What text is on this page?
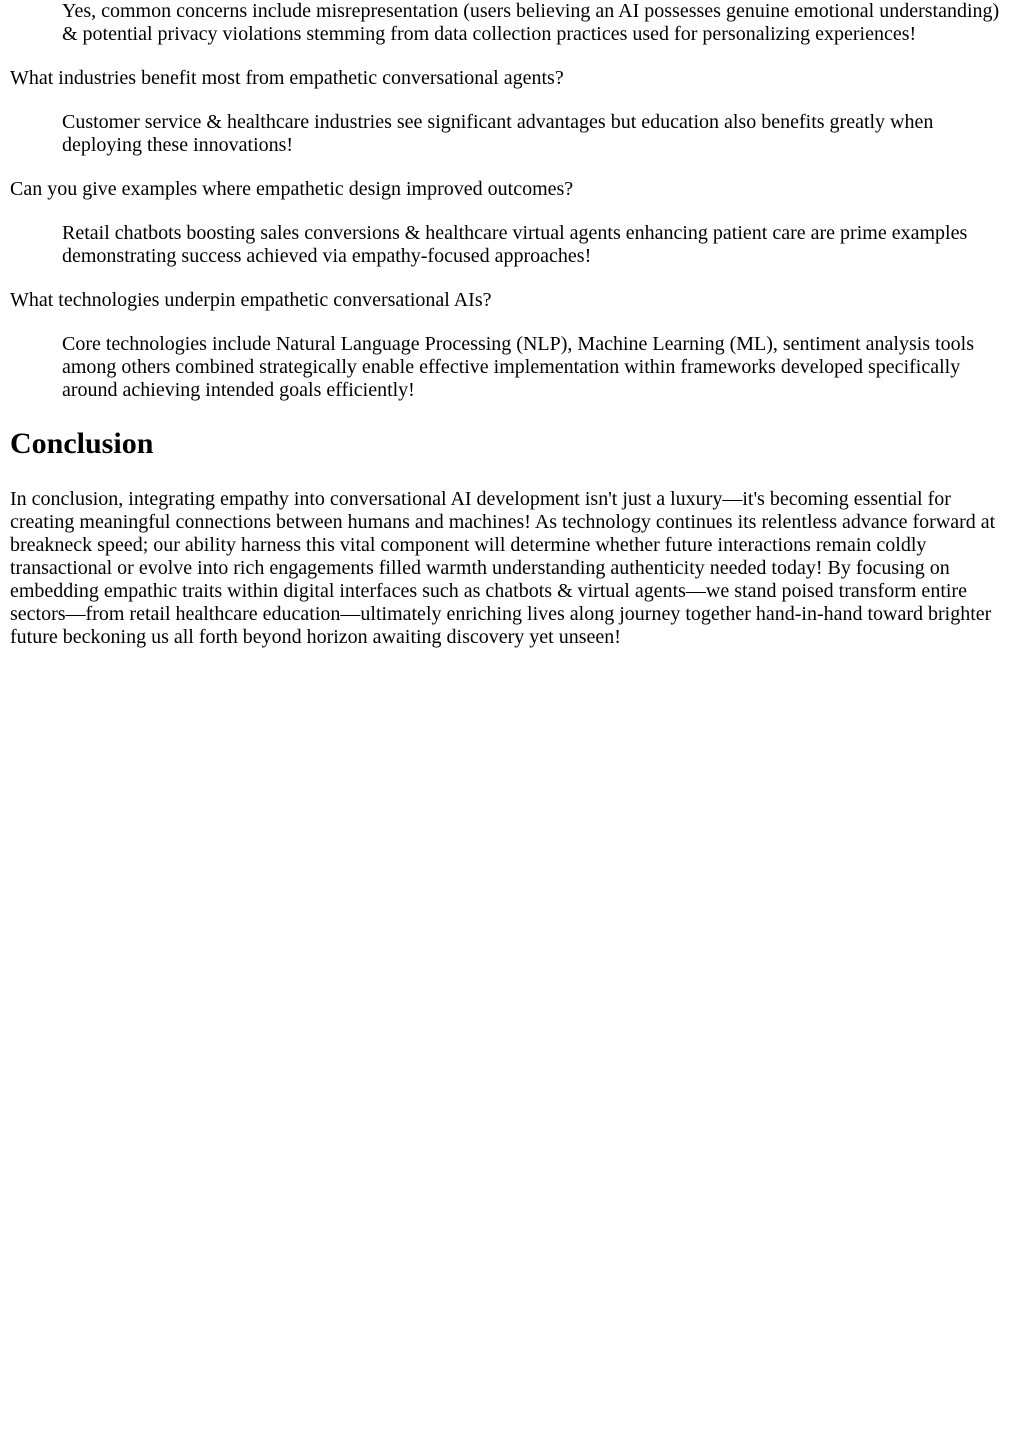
Yes, common concerns include misrepresentation (users believing an AI possesses genuine emotional understanding) & potential privacy violations stemming from data collection practices used for personalizing experiences!
What industries benefit most from empathetic conversational agents?
Customer service & healthcare industries see significant advantages but education also benefits greatly when deploying these innovations!
Can you give examples where empathetic design improved outcomes?
Retail chatbots boosting sales conversions & healthcare virtual agents enhancing patient care are prime examples demonstrating success achieved via empathy-focused approaches!
What technologies underpin empathetic conversational AIs?
Core technologies include Natural Language Processing (NLP), Machine Learning (ML), sentiment analysis tools among others combined strategically enable effective implementation within frameworks developed specifically around achieving intended goals efficiently!
Conclusion

In conclusion, integrating empathy into conversational AI development isn't just a luxury—it's becoming essential for creating meaningful connections between humans and machines! As technology continues its relentless advance forward at breakneck speed; our ability harness this vital component will determine whether future interactions remain coldly transactional or evolve into rich engagements filled warmth understanding authenticity needed today! By focusing on embedding empathic traits within digital interfaces such as chatbots & virtual agents—we stand poised transform entire sectors—from retail healthcare education—ultimately enriching lives along journey together hand-in-hand toward brighter future beckoning us all forth beyond horizon awaiting discovery yet unseen!
